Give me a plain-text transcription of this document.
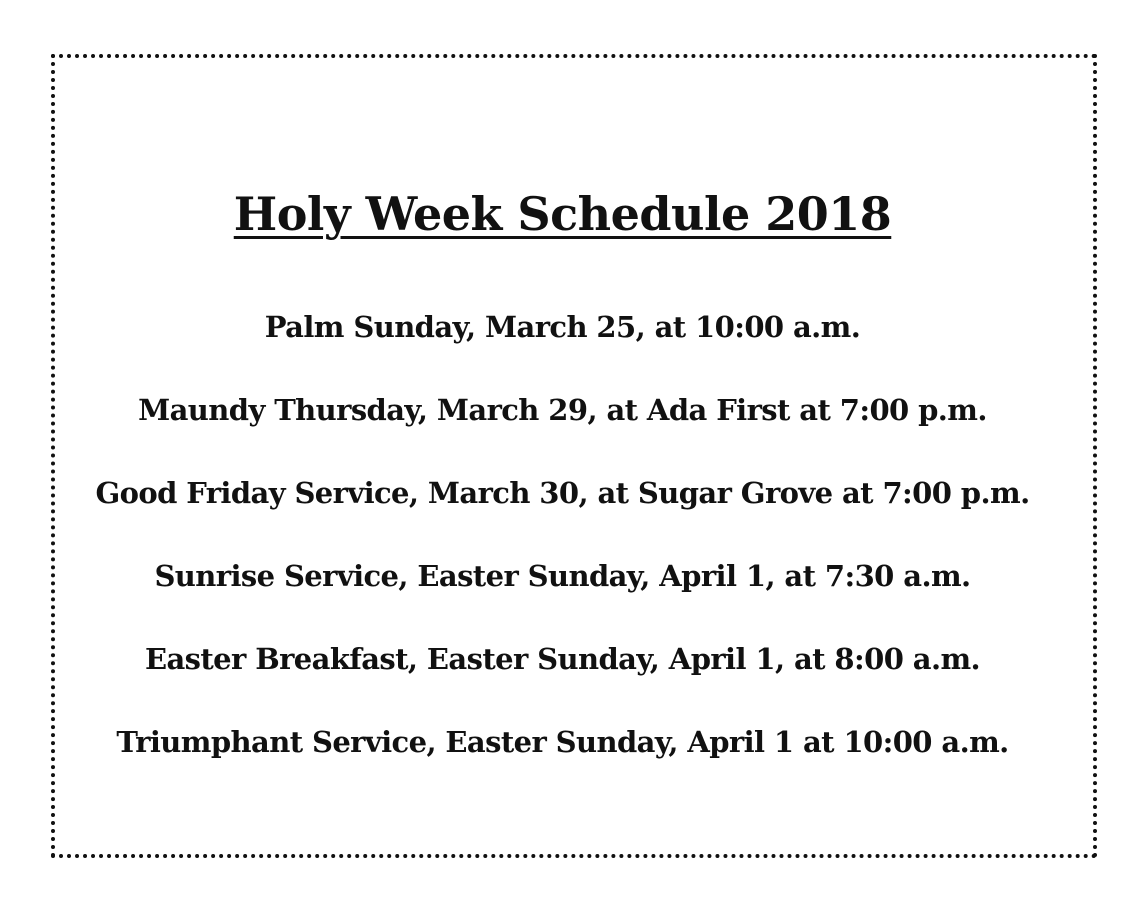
Holy Week Schedule 2018
Palm Sunday, March 25, at 10:00 a.m.
Maundy Thursday, March 29, at Ada First at 7:00 p.m.
Good Friday Service, March 30, at Sugar Grove at 7:00 p.m.
Sunrise Service, Easter Sunday, April 1, at 7:30 a.m.
Easter Breakfast, Easter Sunday, April 1, at 8:00 a.m.
Triumphant Service, Easter Sunday, April 1 at 10:00 a.m.
